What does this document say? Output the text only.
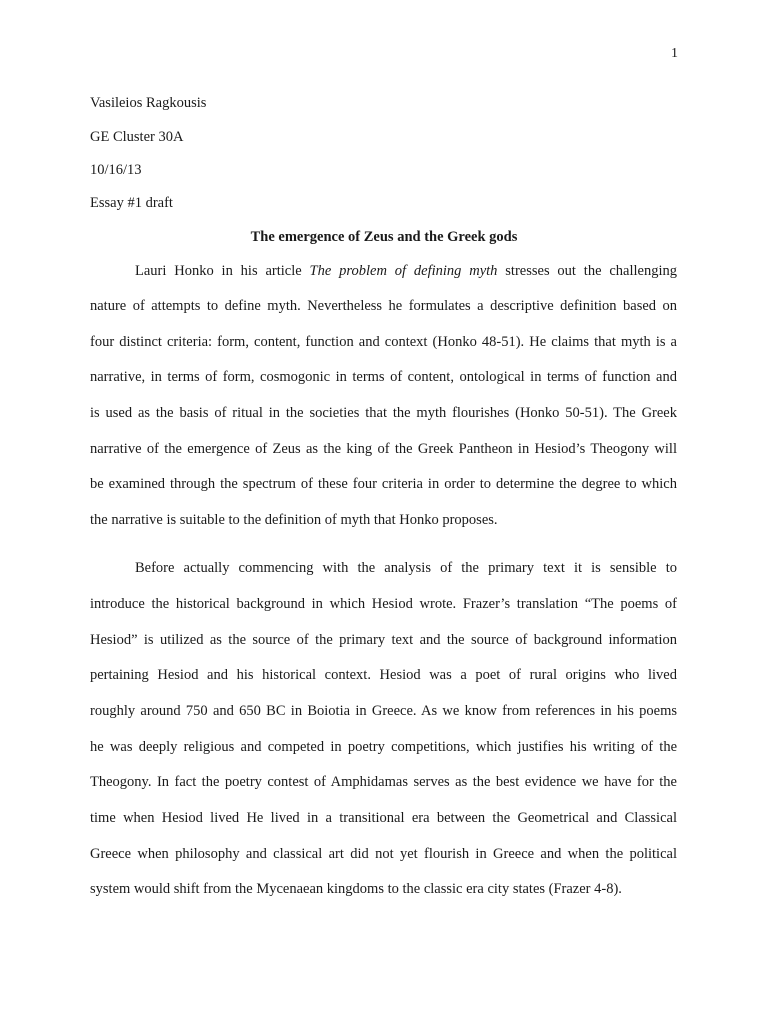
1
Vasileios Ragkousis
GE Cluster 30A
10/16/13
Essay #1 draft
The emergence of Zeus and the Greek gods
Lauri Honko in his article The problem of defining myth stresses out the challenging
nature of attempts to define myth. Nevertheless he formulates a descriptive definition based on
four distinct criteria: form, content, function and context (Honko 48-51). He claims that myth is a
narrative, in terms of form, cosmogonic in terms of content, ontological in terms of function and
is used as the basis of ritual in the societies that the myth flourishes (Honko 50-51). The Greek
narrative of the emergence of Zeus as the king of the Greek Pantheon in Hesiod’s Theogony will
be examined through the spectrum of these four criteria in order to determine the degree to which
the narrative is suitable to the definition of myth that Honko proposes.
Before actually commencing with the analysis of the primary text it is sensible to
introduce the historical background in which Hesiod wrote. Frazer’s translation “The poems of
Hesiod” is utilized as the source of the primary text and the source of background information
pertaining Hesiod and his historical context. Hesiod was a poet of rural origins who lived
roughly around 750 and 650 BC in Boiotia in Greece. As we know from references in his poems
he was deeply religious and competed in poetry competitions, which justifies his writing of the
Theogony. In fact the poetry contest of Amphidamas serves as the best evidence we have for the
time when Hesiod lived He lived in a transitional era between the Geometrical and Classical
Greece when philosophy and classical art did not yet flourish in Greece and when the political
system would shift from the Mycenaean kingdoms to the classic era city states (Frazer 4-8).
